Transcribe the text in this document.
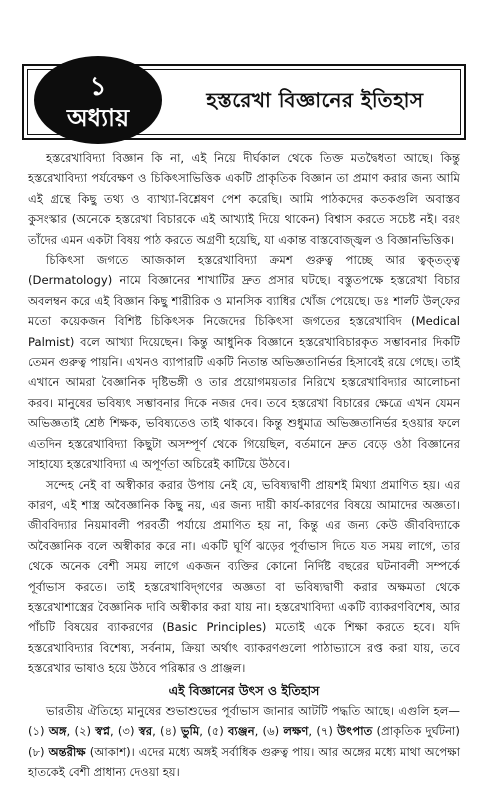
১
অধ্যায়
হস্তরেখা বিজ্ঞানের ইতিহাস

হস্তরেখাবিদ্যা বিজ্ঞান কি না, এই নিয়ে দীর্ঘকাল থেকে তিক্ত মতদ্বৈধতা আছে। কিন্তু হস্তরেখাবিদ্যা পর্যবেক্ষণ ও চিকিৎসাভিত্তিক একটি প্রাকৃতিক বিজ্ঞান তা প্রমাণ করার জন্য আমি এই গ্রন্থে কিছু তথ্য ও ব্যাখ্যা-বিশ্লেষণ পেশ করেছি। আমি পাঠকদের কতকগুলি অবাস্তব কুসংস্কার (অনেকে হস্তরেখা বিচারকে এই আখ্যাই দিয়ে থাকেন) বিশ্বাস করতে সচেষ্ট নই। বরং তাঁদের এমন একটা বিষয় পাঠ করতে অগ্রণী হয়েছি, যা একান্ত বাস্তবোজ্জ্বল ও বিজ্ঞানভিত্তিক।

চিকিৎসা জগতে আজকাল হস্তরেখাবিদ্যা ক্রমশ গুরুত্ব পাচ্ছে আর ত্বক্‌তত্ত্ব (Dermatology) নামে বিজ্ঞানের শাখাটির দ্রুত প্রসার ঘটছে। বস্তুতপক্ষে হস্তরেখা বিচার অবলম্বন করে এই বিজ্ঞান কিছু শারীরিক ও মানসিক ব্যাধির খোঁজ পেয়েছে। ডঃ শার্লট উল্‌ফের মতো কয়েকজন বিশিষ্ট চিকিৎসক নিজেদের চিকিৎসা জগতের হস্তরেখাবিদ (Medical Palmist) বলে আখ্যা দিয়েছেন। কিন্তু আধুনিক বিজ্ঞানে হস্তরেখাবিচারকৃত সম্ভাবনার দিকটি তেমন গুরুত্ব পায়নি। এখনও ব্যাপারটি একটি নিতান্ত অভিজ্ঞতানির্ভর হিসাবেই রয়ে গেছে। তাই এখানে আমরা বৈজ্ঞানিক দৃষ্টিভঙ্গী ও তার প্রয়োগময়তার নিরিখে হস্তরেখাবিদ্যার আলোচনা করব। মানুষের ভবিষ্যৎ সম্ভাবনার দিকে নজর দেব। তবে হস্তরেখা বিচারের ক্ষেত্রে এখন যেমন অভিজ্ঞতাই শ্রেষ্ঠ শিক্ষক, ভবিষ্যতেও তাই থাকবে। কিন্তু শুধুমাত্র অভিজ্ঞতানির্ভর হওয়ার ফলে এতদিন হস্তরেখাবিদ্যা কিছুটা অসম্পূর্ণ থেকে গিয়েছিল, বর্তমানে দ্রুত বেড়ে ওঠা বিজ্ঞানের সাহায্যে হস্তরেখাবিদ্যা এ অপূর্ণতা অচিরেই কাটিয়ে উঠবে।

সন্দেহ নেই বা অস্বীকার করার উপায় নেই যে, ভবিষ্যদ্বাণী প্রায়শই মিথ্যা প্রমাণিত হয়। এর কারণ, এই শাস্ত্র অবৈজ্ঞানিক কিছু নয়, এর জন্য দায়ী কার্য-কারণের বিষয়ে আমাদের অজ্ঞতা। জীববিদ্যার নিয়মাবলী পরবর্তী পর্যায়ে প্রমাণিত হয় না, কিন্তু এর জন্য কেউ জীববিদ্যাকে অবৈজ্ঞানিক বলে অস্বীকার করে না। একটি ঘূর্ণি ঝড়ের পূর্বাভাস দিতে যত সময় লাগে, তার থেকে অনেক বেশী সময় লাগে একজন ব্যক্তির কোনো নির্দিষ্ট বছরের ঘটনাবলী সম্পর্কে পূর্বাভাস করতে। তাই হস্তরেখাবিদ্‌গণের অজ্ঞতা বা ভবিষ্যদ্বাণী করার অক্ষমতা থেকে হস্তরেখাশাস্ত্রের বৈজ্ঞানিক দাবি অস্বীকার করা যায় না। হস্তরেখাবিদ্যা একটি ব্যাকরণবিশেষ, আর পাঁচটি বিষয়ের ব্যাকরণের (Basic Principles) মতোই একে শিক্ষা করতে হবে। যদি হস্তরেখাবিদ্যার বিশেষ্য, সর্বনাম, ক্রিয়া অর্থাৎ ব্যাকরণগুলো পাঠাভ্যাসে রপ্ত করা যায়, তবে হস্তরেখার ভাষাও হয়ে উঠবে পরিষ্কার ও প্রাঞ্জল।

এই বিজ্ঞানের উৎস ও ইতিহাস

ভারতীয় ঐতিহ্যে মানুষের শুভাশুভের পূর্বাভাস জানার আটটি পদ্ধতি আছে। এগুলি হল— (১) অঙ্গ, (২) স্বপ্ন, (৩) স্বর, (৪) ভুমি, (৫) ব্যঞ্জন, (৬) লক্ষণ, (৭) উৎপাত (প্রাকৃতিক দুর্ঘটনা) (৮) অন্তরীক্ষ (আকাশ)। এদের মধ্যে অঙ্গই সর্বাধিক গুরুত্ব পায়। আর অঙ্গের মধ্যে মাথা অপেক্ষা হাতকেই বেশী প্রাধান্য দেওয়া হয়।
